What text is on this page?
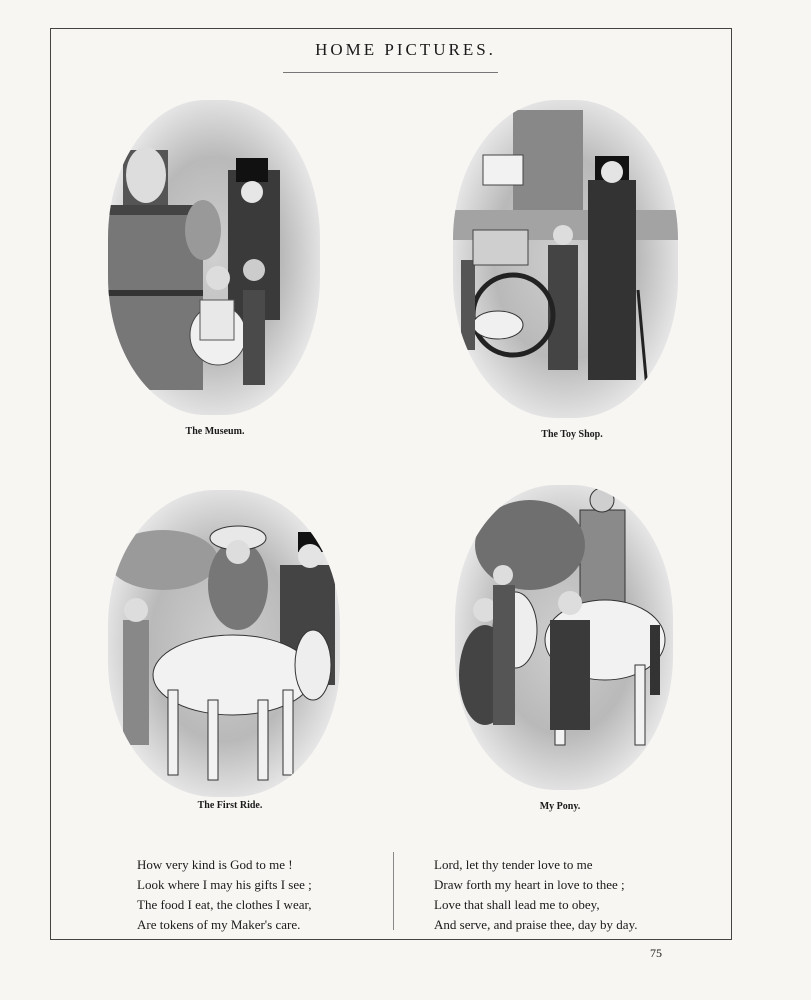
HOME PICTURES.
The Museum.	The Toy Shop.
The First Ride.	My Pony.
How very kind is God to me !
Look where I may his gifts I see ;
The food I eat, the clothes I wear,
Are tokens of my Maker's care.
Lord, let thy tender love to me
Draw forth my heart in love to thee ;
Love that shall lead me to obey,
And serve, and praise thee, day by day.
75
